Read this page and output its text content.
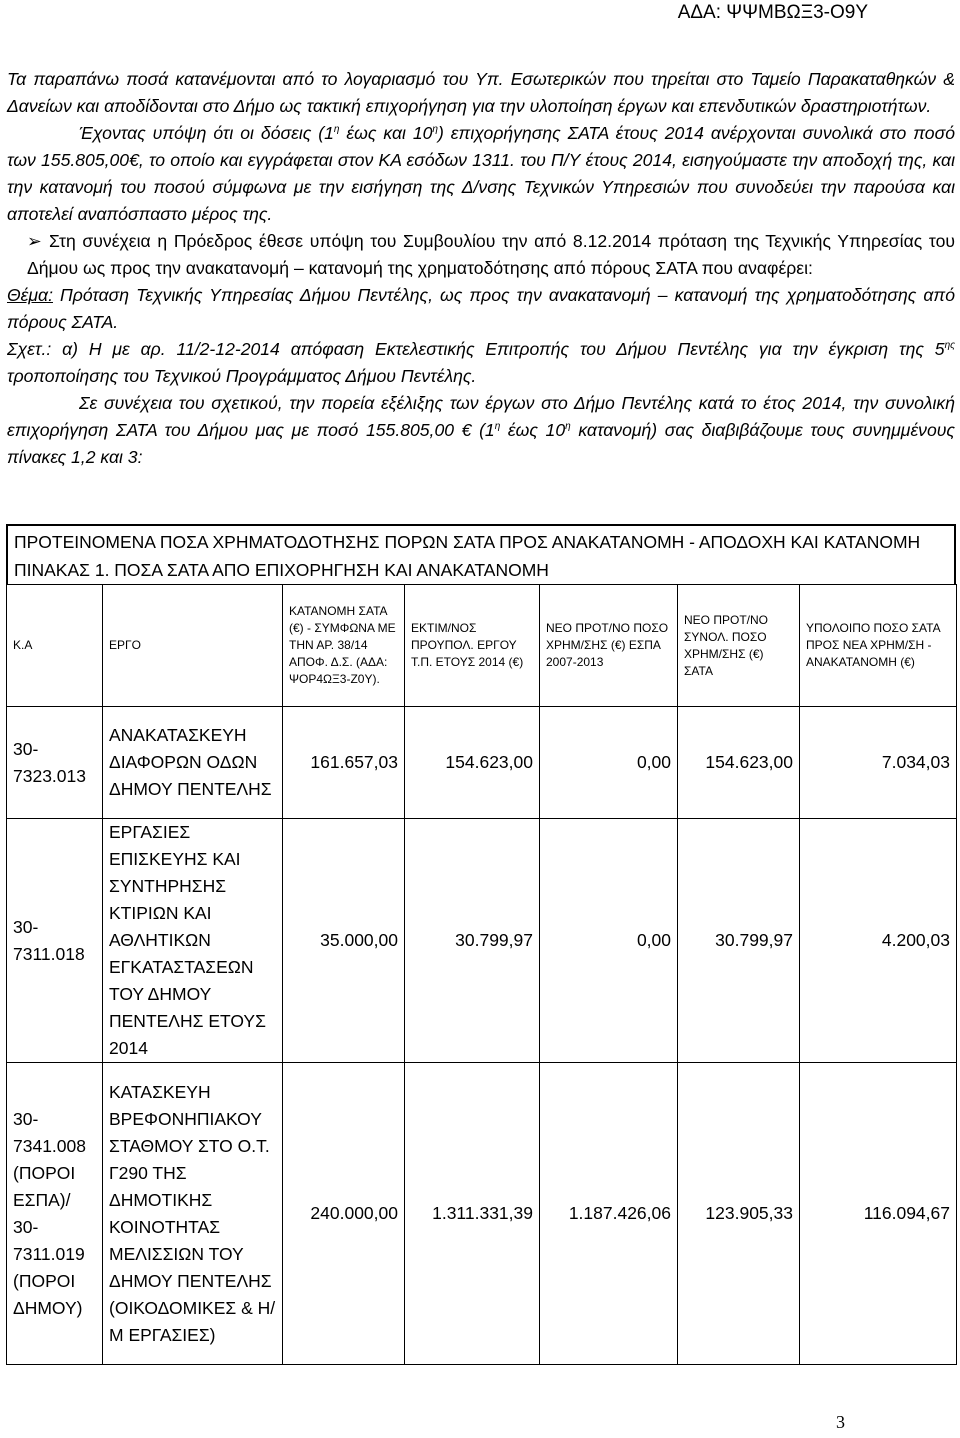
ΑΔΑ: ΨΨΜΒΩΞ3-Ο9Υ

Τα παραπάνω ποσά κατανέμονται από το λογαριασμό του Υπ. Εσωτερικών που τηρείται στο Ταμείο Παρακαταθηκών & Δανείων και αποδίδονται στο Δήμο ως τακτική επιχορήγηση για την υλοποίηση έργων και επενδυτικών δραστηριοτήτων.

Έχοντας υπόψη ότι οι δόσεις ($1^\eta$ έως και $10^\eta$) επιχορήγησης ΣΑΤΑ έτους 2014 ανέρχονται συνολικά στο ποσό των 155.805,00€, το οποίο και εγγράφεται στον ΚΑ εσόδων 1311. του Π/Υ έτους 2014, εισηγούμαστε την αποδοχή της, και την κατανομή του ποσού σύμφωνα με την εισήγηση της Δ/νσης Τεχνικών Υπηρεσιών που συνοδεύει την παρούσα και αποτελεί αναπόσπαστο μέρος της.

➢ Στη συνέχεια η Πρόεδρος έθεσε υπόψη του Συμβουλίου την από 8.12.2014 πρόταση της Τεχνικής Υπηρεσίας του Δήμου ως προς την ανακατανομή – κατανομή της χρηματοδότησης από πόρους ΣΑΤΑ που αναφέρει:

Θέμα: Πρόταση Τεχνικής Υπηρεσίας Δήμου Πεντέλης, ως προς την ανακατανομή – κατανομή της χρηματοδότησης από πόρους ΣΑΤΑ.

Σχετ.: α) Η με αρ. 11/2-12-2014 απόφαση Εκτελεστικής Επιτροπής του Δήμου Πεντέλης για την έγκριση της $5^{\eta\varsigma}$ τροποποίησης του Τεχνικού Προγράμματος Δήμου Πεντέλης.

Σε συνέχεια του σχετικού, την πορεία εξέλιξης των έργων στο Δήμο Πεντέλης κατά το έτος 2014, την συνολική επιχορήγηση ΣΑΤΑ του Δήμου μας με ποσό 155.805,00 € ($1^\eta$ έως $10^\eta$ κατανομή) σας διαβιβάζουμε τους συνημμένους πίνακες 1,2 και 3:

ΠΡΟΤΕΙΝΟΜΕΝΑ ΠΟΣΑ ΧΡΗΜΑΤΟΔΟΤΗΣΗΣ ΠΟΡΩΝ ΣΑΤΑ ΠΡΟΣ ΑΝΑΚΑΤΑΝΟΜΗ - ΑΠΟΔΟΧΗ ΚΑΙ ΚΑΤΑΝΟΜΗ
ΠΙΝΑΚΑΣ 1. ΠΟΣΑ ΣΑΤΑ ΑΠΟ ΕΠΙΧΟΡΗΓΗΣΗ ΚΑΙ ΑΝΑΚΑΤΑΝΟΜΗ
Κ.Α	ΕΡΓΟ	ΚΑΤΑΝΟΜΗ ΣΑΤΑ (€) - ΣΥΜΦΩΝΑ ΜΕ ΤΗΝ ΑΡ. 38/14 ΑΠΟΦ. Δ.Σ. (ΑΔΑ: ΨΟΡ4ΩΞ3-Ζ0Υ).	ΕΚΤΙΜ/ΝΟΣ ΠΡΟΥΠΟΛ. ΕΡΓΟΥ Τ.Π. ΕΤΟΥΣ 2014 (€)	ΝΕΟ ΠΡΟΤ/ΝΟ ΠΟΣΟ ΧΡΗΜ/ΣΗΣ (€) ΕΣΠΑ 2007-2013	ΝΕΟ ΠΡΟΤ/ΝΟ ΣΥΝΟΛ. ΠΟΣΟ ΧΡΗΜ/ΣΗΣ (€) ΣΑΤΑ	ΥΠΟΛΟΙΠΟ ΠΟΣΟ ΣΑΤΑ ΠΡΟΣ ΝΕΑ ΧΡΗΜ/ΣΗ - ΑΝΑΚΑΤΑΝΟΜΗ (€)
30-7323.013	ΑΝΑΚΑΤΑΣΚΕΥΗ ΔΙΑΦΟΡΩΝ ΟΔΩΝ ΔΗΜΟΥ ΠΕΝΤΕΛΗΣ	161.657,03	154.623,00	0,00	154.623,00	7.034,03
30-7311.018	ΕΡΓΑΣΙΕΣ ΕΠΙΣΚΕΥΗΣ ΚΑΙ ΣΥΝΤΗΡΗΣΗΣ ΚΤΙΡΙΩΝ ΚΑΙ ΑΘΛΗΤΙΚΩΝ ΕΓΚΑΤΑΣΤΑΣΕΩΝ ΤΟΥ ΔΗΜΟΥ ΠΕΝΤΕΛΗΣ ΕΤΟΥΣ 2014	35.000,00	30.799,97	0,00	30.799,97	4.200,03
30-7341.008 (ΠΟΡΟΙ ΕΣΠΑ)/ 30-7311.019 (ΠΟΡΟΙ ΔΗΜΟΥ)	ΚΑΤΑΣΚΕΥΗ ΒΡΕΦΟΝΗΠΙΑΚΟΥ ΣΤΑΘΜΟΥ ΣΤΟ Ο.Τ. Γ290 ΤΗΣ ΔΗΜΟΤΙΚΗΣ ΚΟΙΝΟΤΗΤΑΣ ΜΕΛΙΣΣΙΩΝ ΤΟΥ ΔΗΜΟΥ ΠΕΝΤΕΛΗΣ (ΟΙΚΟΔΟΜΙΚΕΣ & Η/Μ ΕΡΓΑΣΙΕΣ)	240.000,00	1.311.331,39	1.187.426,06	123.905,33	116.094,67
3
